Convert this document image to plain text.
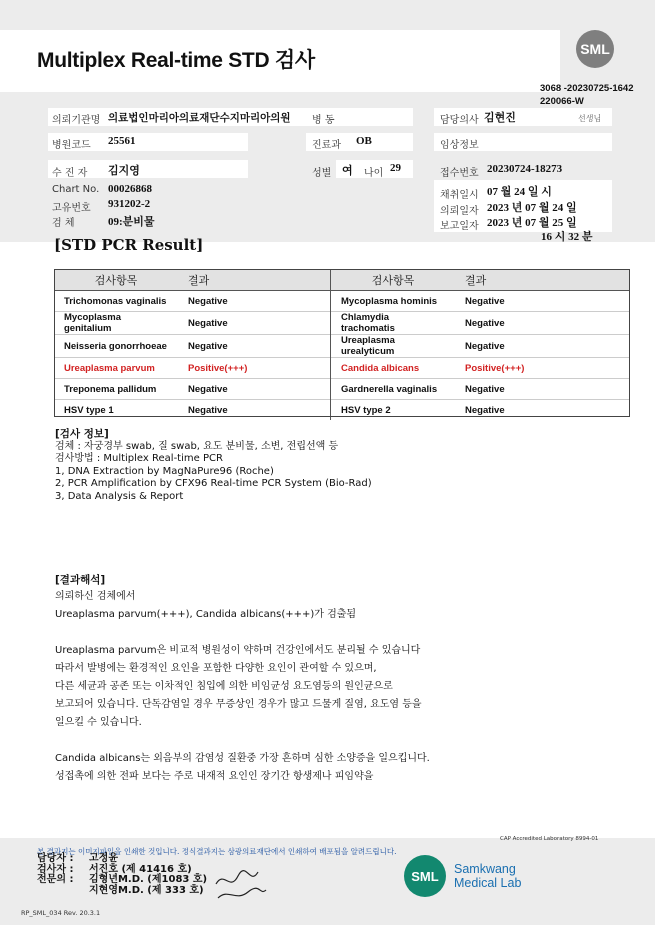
Multiplex Real-time STD 검사	SML
3068 -20230725-1642
220066-W
의뢰기관명 의료법인마리아의료재단수지마리아의원 병 동	담당의사 김현진	선생님
병원코드 25561	진료과 OB	임상정보
수 진 자 김지영	성별 여 나이 29	접수번호 20230724-18273
Chart No. 00026868
고유번호 931202-2
검 체	09:분비물
채취일시 07 월 24 일 시
의뢰일자 2023 년 07 월 24 일
보고일자 2023 년 07 월 25 일
16 시 32 분
[STD PCR Result]
검사항목	결과	검사항목	결과
Trichomonas vaginalis	Negative	Mycoplasma hominis	Negative
Mycoplasma genitalium	Negative	Chlamydia trachomatis	Negative
Neisseria gonorrhoeae	Negative	Ureaplasma urealyticum	Negative
Ureaplasma parvum	Positive(+++)	Candida albicans	Positive(+++)
Treponema pallidum	Negative	Gardnerella vaginalis	Negative
HSV type 1	Negative	HSV type 2	Negative
[검사 정보]
검체 : 자궁경부 swab, 질 swab, 요도 분비물, 소변, 전립선액 등
검사방법 : Multiplex Real-time PCR
1, DNA Extraction by MagNaPure96 (Roche)
2, PCR Amplification by CFX96 Real-time PCR System (Bio-Rad)
3, Data Analysis & Report

[결과해석]

의뢰하신 검체에서

Ureaplasma parvum(+++), Candida albicans(+++)가 검출됨

Ureaplasma parvum은 비교적 병원성이 약하며 건강인에서도 분리될 수 있습니다

따라서 발병에는 환경적인 요인을 포함한 다양한 요인이 관여할 수 있으며,

다른 세균과 공존 또는 이차적인 침입에 의한 비임균성 요도염등의 원인균으로

보고되어 있습니다. 단독감염일 경우 무증상인 경우가 많고 드물게 질염, 요도염 등을

일으킬 수 있습니다.

Candida albicans는 외음부의 감염성 질환중 가장 흔하며 심한 소양증을 일으킵니다.

성접촉에 의한 전파 보다는 주로 내재적 요인인 장기간 항생제나 피임약을

CAP Accredited Laboratory 8994-01
본 결과지는 이미지파일을 인쇄한 것입니다. 정식결과지는 삼광의료재단에서 인쇄하여 배포됨을 알려드립니다.
담당자 :	고정윤
검사자 :	서진호 (제 41416 호)
전문의 :	김형년M.D. (제1083 호)
지현영M.D. (제 333 호)
RP_SML_034 Rev. 20.3.1
SML	Samkwang
Medical Lab
